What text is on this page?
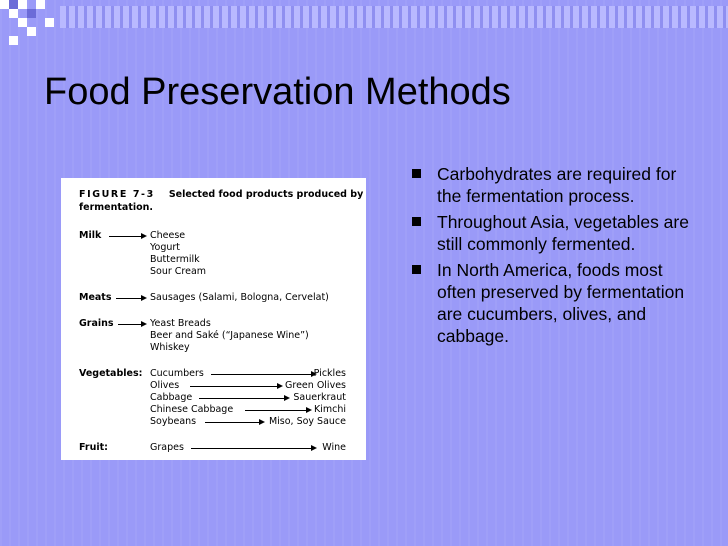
Food Preservation Methods
FIGURE 7-3 Selected food products produced by fermentation.
Milk	Cheese
Yogurt
Buttermilk
Sour Cream
Meats	Sausages (Salami, Bologna, Cervelat)
Grains	Yeast Breads
Beer and Saké (“Japanese Wine”)
Whiskey
Vegetables: Cucumbers	Pickles
Olives	Green Olives
Cabbage	Sauerkraut
Chinese Cabbage	Kimchi
Soybeans	Miso, Soy Sauce
Fruit:	Grapes	Wine
Carbohydrates are required for the fermentation process.
Throughout Asia, vegetables are still commonly fermented.
In North America, foods most often preserved by fermentation are cucumbers, olives, and cabbage.
